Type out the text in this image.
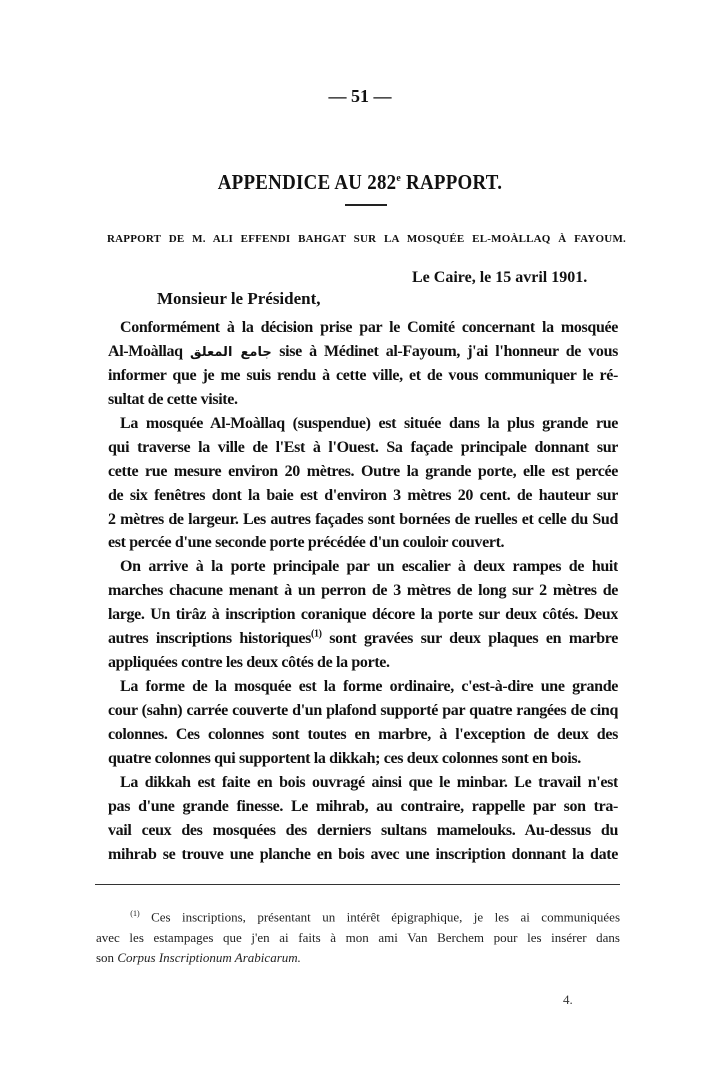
— 51 —
APPENDICE AU 282e RAPPORT.
RAPPORT DE M. ALI EFFENDI BAHGAT SUR LA MOSQUÉE EL-MOÀLLAQ À FAYOUM.
Le Caire, le 15 avril 1901.
Monsieur le Président,
Conformément à la décision prise par le Comité concernant la mosquée
Al-Moàllaq جامع المعلق sise à Médinet al-Fayoum, j'ai l'honneur de vous
informer que je me suis rendu à cette ville, et de vous communiquer le ré-
sultat de cette visite.
La mosquée Al-Moàllaq (suspendue) est située dans la plus grande rue
qui traverse la ville de l'Est à l'Ouest. Sa façade principale donnant sur
cette rue mesure environ 20 mètres. Outre la grande porte, elle est percée
de six fenêtres dont la baie est d'environ 3 mètres 20 cent. de hauteur sur
2 mètres de largeur. Les autres façades sont bornées de ruelles et celle du Sud
est percée d'une seconde porte précédée d'un couloir couvert.
On arrive à la porte principale par un escalier à deux rampes de huit
marches chacune menant à un perron de 3 mètres de long sur 2 mètres de
large. Un tirâz à inscription coranique décore la porte sur deux côtés. Deux
autres inscriptions historiques$^{(1)}$ sont gravées sur deux plaques en marbre
appliquées contre les deux côtés de la porte.
La forme de la mosquée est la forme ordinaire, c'est-à-dire une grande
cour (sahn) carrée couverte d'un plafond supporté par quatre rangées de cinq
colonnes. Ces colonnes sont toutes en marbre, à l'exception de deux des
quatre colonnes qui supportent la dikkah; ces deux colonnes sont en bois.
La dikkah est faite en bois ouvragé ainsi que le minbar. Le travail n'est
pas d'une grande finesse. Le mihrab, au contraire, rappelle par son tra-
vail ceux des mosquées des derniers sultans mamelouks. Au-dessus du
mihrab se trouve une planche en bois avec une inscription donnant la date
$^{(1)}$ Ces inscriptions, présentant un intérêt épigraphique, je les ai communiquées
avec les estampages que j'en ai faits à mon ami Van Berchem pour les insérer dans
son Corpus Inscriptionum Arabicarum.
4.
